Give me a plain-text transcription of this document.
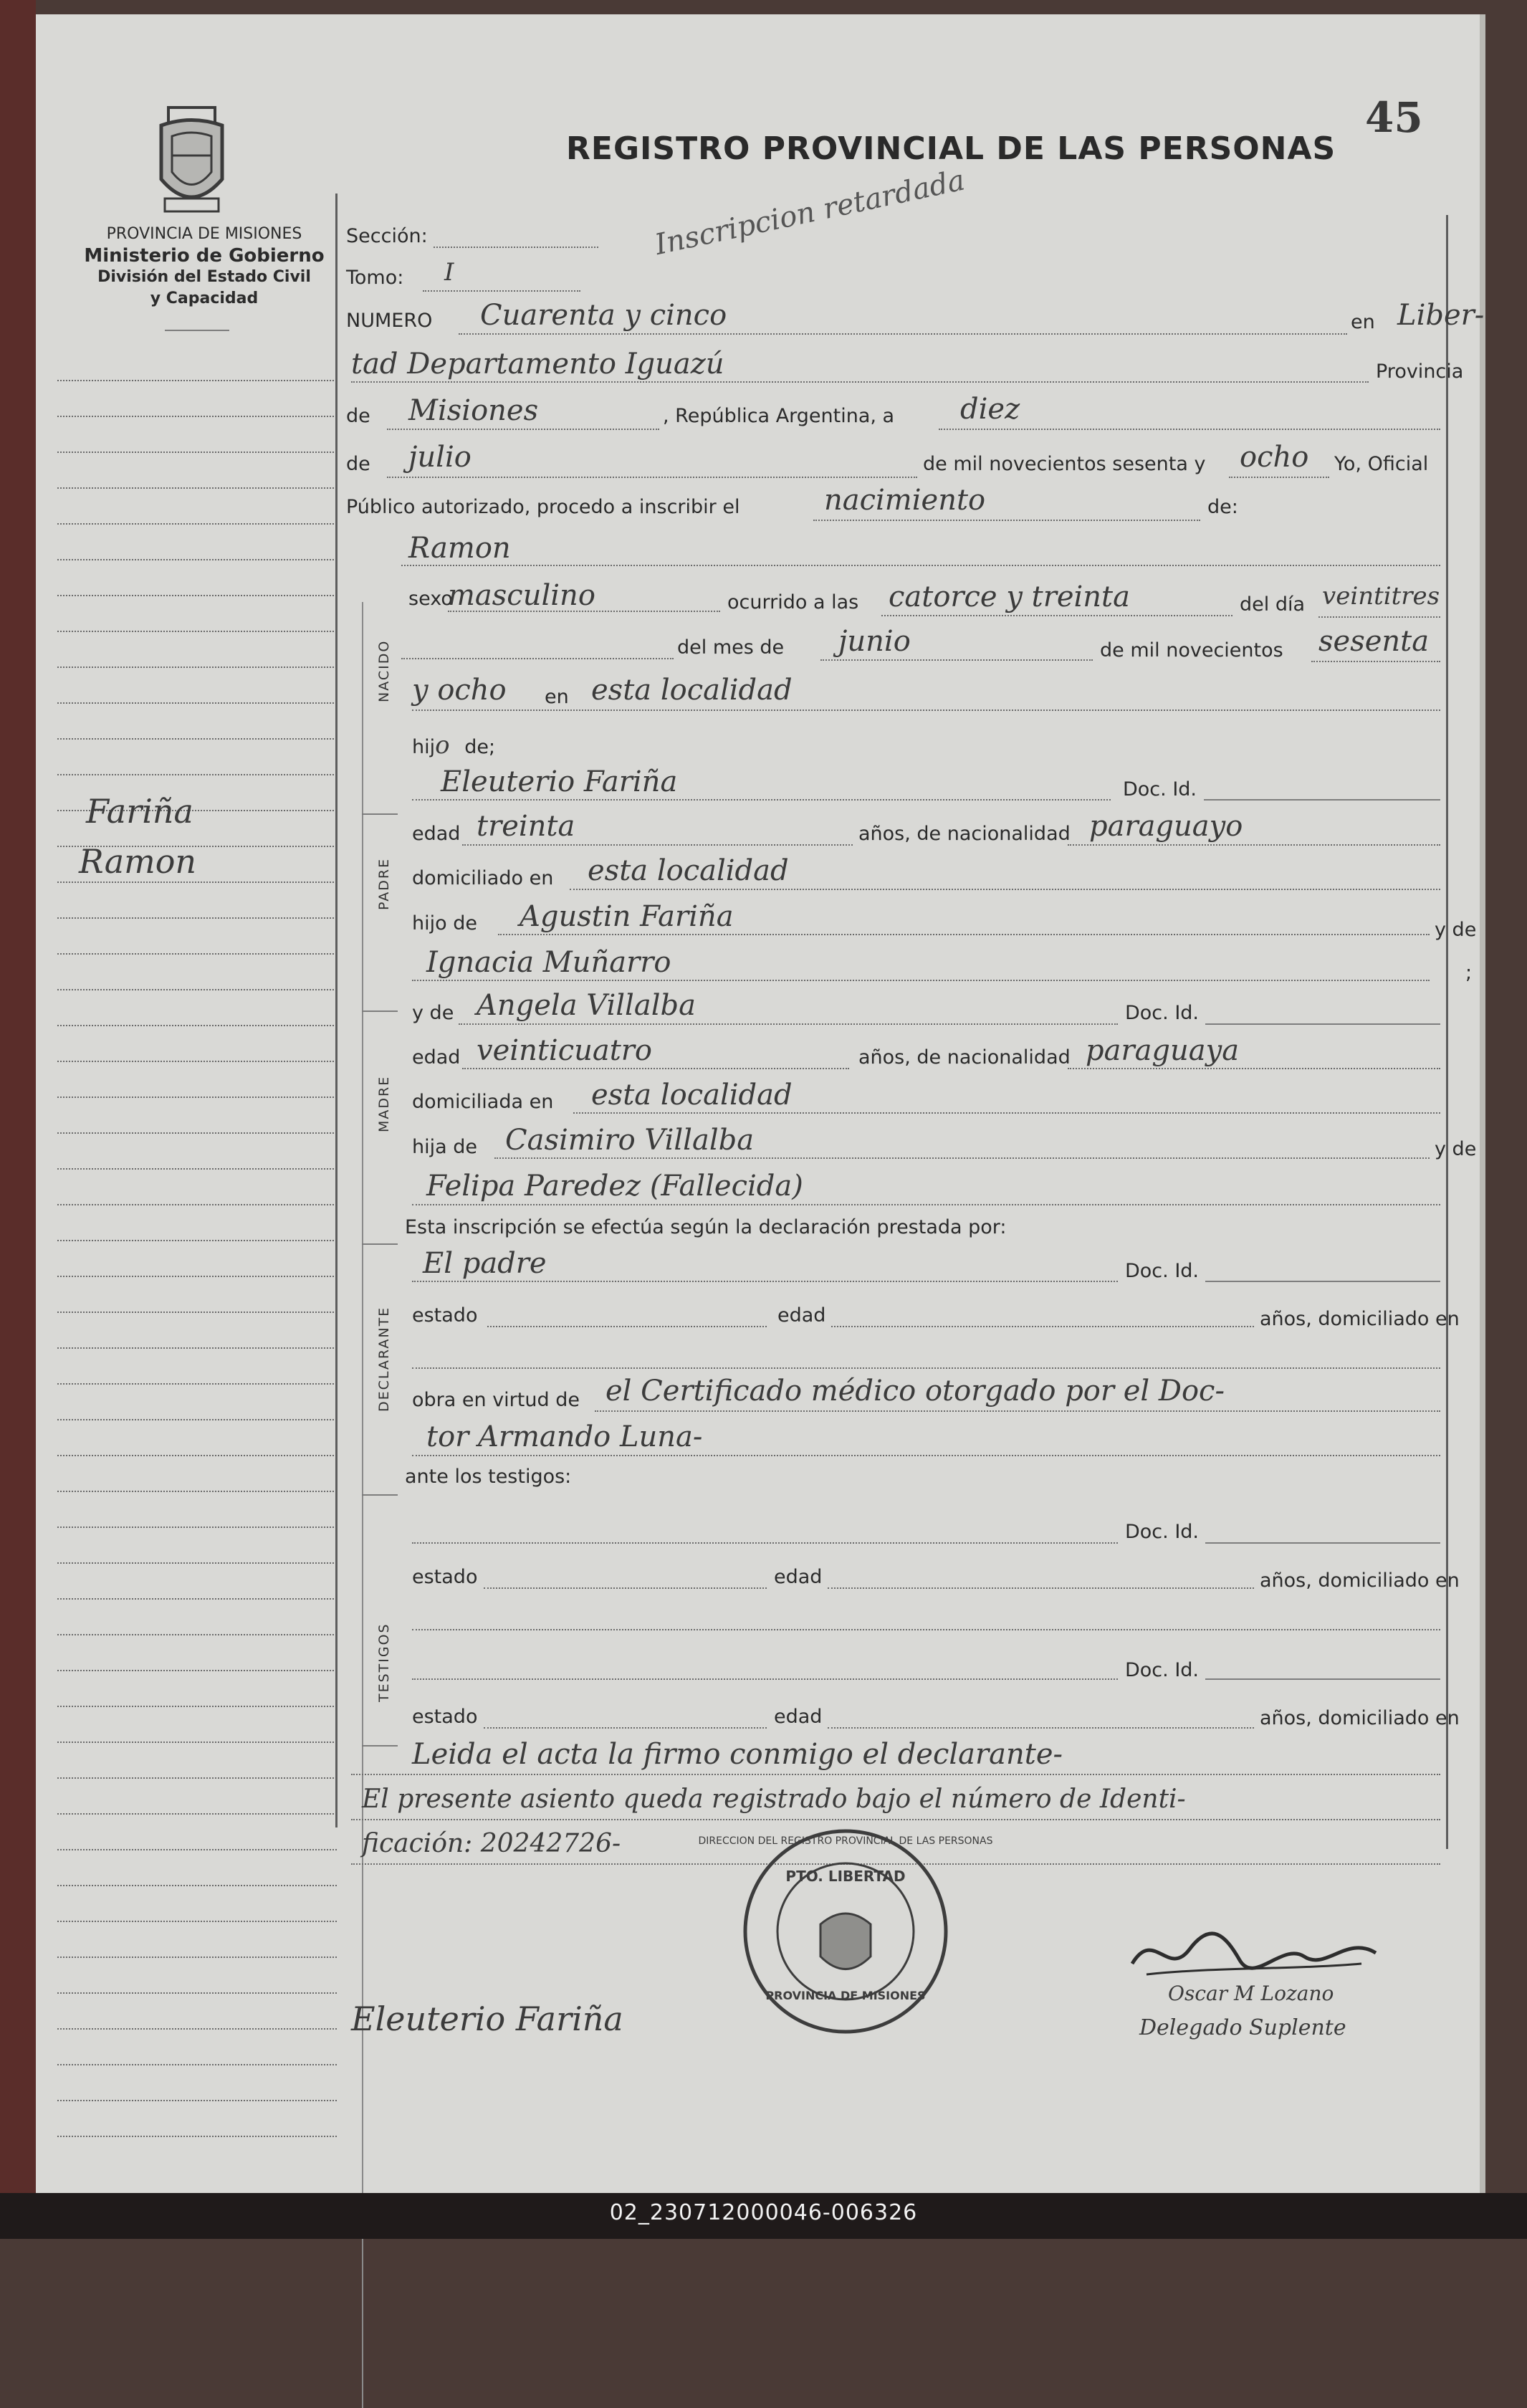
45
PROVINCIA DE MISIONES
Ministerio de Gobierno
División del Estado Civil
y Capacidad
Fariña
Ramon
NACIDO
PADRE
MADRE
DECLARANTE
TESTIGOS
REGISTRO PROVINCIAL DE LAS PERSONAS
Inscripcion retardada
Sección:
Tomo: I
NUMERO Cuarenta y cinco	en Liber-
tad Departamento Iguazú	Provincia
de Misiones	, República Argentina, a diez
de julio	de mil novecientos sesenta y ocho Yo, Oficial
Público autorizado, procedo a inscribir el	nacimiento	de:
Ramon
sexo
masculino	ocurrido a las catorce y treinta	del día veintitres
del mes de junio	de mil novecientos sesenta
y ocho en esta localidad
hijo de;
Eleuterio Fariña	Doc. Id.
edad treinta	años, de nacionalidad paraguayo
domiciliado en esta localidad
hijo de Agustin Fariña	y de
Ignacia Muñarro	;
y de Angela Villalba	Doc. Id.
edad veinticuatro	años, de nacionalidad paraguaya
domiciliada en esta localidad
hija de Casimiro Villalba	y de
Felipa Paredez (Fallecida)
Esta inscripción se efectúa según la declaración prestada por:
El padre	Doc. Id.
estado	edad	años, domiciliado en
obra en virtud de el Certificado médico otorgado por el Doc-
tor Armando Luna-
ante los testigos:
Doc. Id.
estado	edad	años, domiciliado en
Doc. Id.
estado	edad	años, domiciliado en
Leida el acta la firmo conmigo el declarante-
El presente asiento queda registrado bajo el número de Identi-
ficación: 20242726-	DIRECCION DEL REGISTRO PROVINCIAL DE LAS PERSONAS
PTO. LIBERTAD
PROVINCIA DE MISIONES
Eleuterio Fariña
Oscar M Lozano
Delegado Suplente
02_230712000046-006326
